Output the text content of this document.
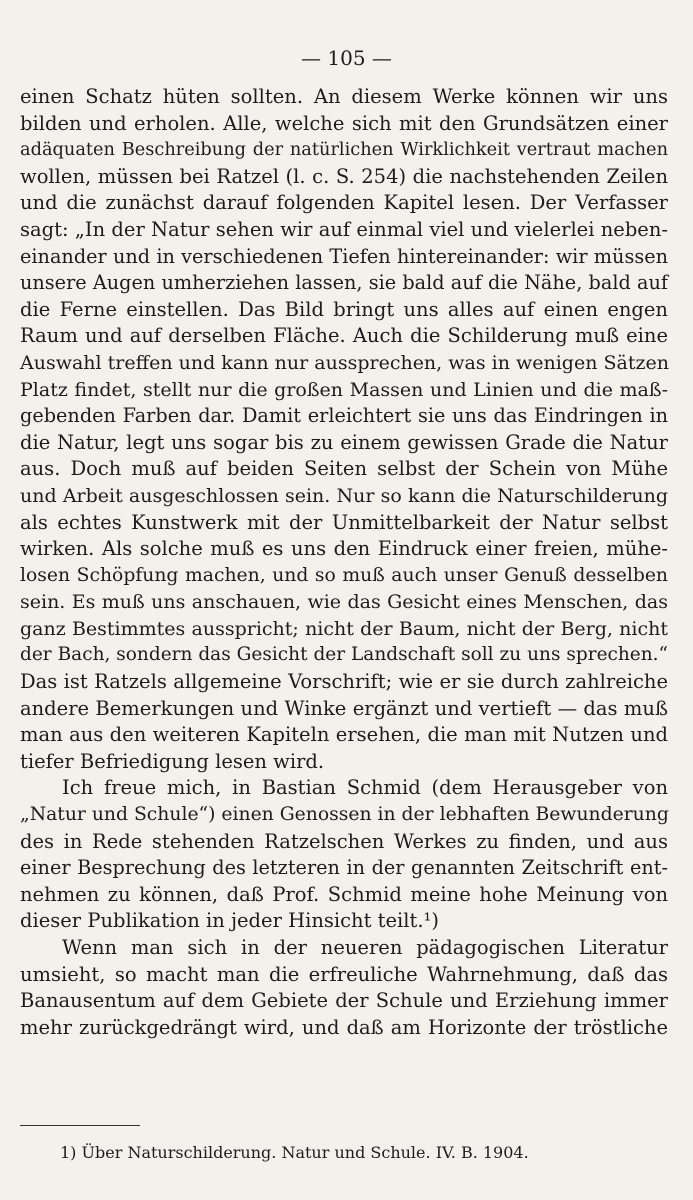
— 105 —
einen Schatz hüten sollten. An diesem Werke können wir uns
bilden und erholen. Alle, welche sich mit den Grundsätzen einer
adäquaten Beschreibung der natürlichen Wirklichkeit vertraut machen
wollen, müssen bei Ratzel (l. c. S. 254) die nachstehenden Zeilen
und die zunächst darauf folgenden Kapitel lesen. Der Verfasser
sagt: „In der Natur sehen wir auf einmal viel und vielerlei neben-
einander und in verschiedenen Tiefen hintereinander: wir müssen
unsere Augen umherziehen lassen, sie bald auf die Nähe, bald auf
die Ferne einstellen. Das Bild bringt uns alles auf einen engen
Raum und auf derselben Fläche. Auch die Schilderung muß eine
Auswahl treffen und kann nur aussprechen, was in wenigen Sätzen
Platz findet, stellt nur die großen Massen und Linien und die maß-
gebenden Farben dar. Damit erleichtert sie uns das Eindringen in
die Natur, legt uns sogar bis zu einem gewissen Grade die Natur
aus. Doch muß auf beiden Seiten selbst der Schein von Mühe
und Arbeit ausgeschlossen sein. Nur so kann die Naturschilderung
als echtes Kunstwerk mit der Unmittelbarkeit der Natur selbst
wirken. Als solche muß es uns den Eindruck einer freien, mühe-
losen Schöpfung machen, und so muß auch unser Genuß desselben
sein. Es muß uns anschauen, wie das Gesicht eines Menschen, das
ganz Bestimmtes ausspricht; nicht der Baum, nicht der Berg, nicht
der Bach, sondern das Gesicht der Landschaft soll zu uns sprechen.“
Das ist Ratzels allgemeine Vorschrift; wie er sie durch zahlreiche
andere Bemerkungen und Winke ergänzt und vertieft — das muß
man aus den weiteren Kapiteln ersehen, die man mit Nutzen und
tiefer Befriedigung lesen wird.
Ich freue mich, in Bastian Schmid (dem Herausgeber von
„Natur und Schule“) einen Genossen in der lebhaften Bewunderung
des in Rede stehenden Ratzelschen Werkes zu finden, und aus
einer Besprechung des letzteren in der genannten Zeitschrift ent-
nehmen zu können, daß Prof. Schmid meine hohe Meinung von
dieser Publikation in jeder Hinsicht teilt.¹)
Wenn man sich in der neueren pädagogischen Literatur
umsieht, so macht man die erfreuliche Wahrnehmung, daß das
Banausentum auf dem Gebiete der Schule und Erziehung immer
mehr zurückgedrängt wird, und daß am Horizonte der tröstliche
1) Über Naturschilderung. Natur und Schule. IV. B. 1904.
